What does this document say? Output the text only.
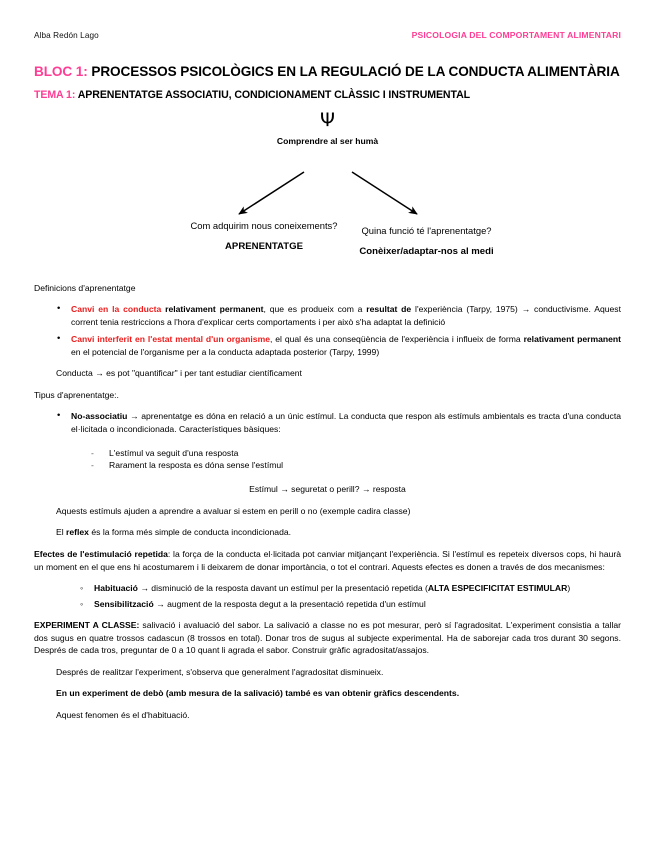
Alba Redón Lago	PSICOLOGIA DEL COMPORTAMENT ALIMENTARI
BLOC 1: PROCESSOS PSICOLÒGICS EN LA REGULACIÓ DE LA CONDUCTA ALIMENTÀRIA
TEMA 1: APRENENTATGE ASSOCIATIU, CONDICIONAMENT CLÀSSIC I INSTRUMENTAL
Ψ
Comprendre al ser humà
Com adquirim nous coneixements?
APRENENTATGE
Quina funció té l'aprenentatge?
Conèixer/adaptar-nos al medi

Definicions d'aprenentatge

• Canvi en la conducta relativament permanent, que es produeix com a resultat de l'experiència (Tarpy, 1975) → conductivisme. Aquest corrent tenia restriccions a l'hora d'explicar certs comportaments i per això s'ha adaptat la definició
• Canvi interferit en l'estat mental d'un organisme, el qual és una conseqüència de l'experiència i influeix de forma relativament permanent en el potencial de l'organisme per a la conducta adaptada posterior (Tarpy, 1999)

Conducta → es pot "quantificar" i per tant estudiar científicament

Tipus d'aprenentatge:.

• No-associatiu → aprenentatge es dóna en relació a un únic estímul. La conducta que respon als estímuls ambientals es tracta d'una conducta el·licitada o incondicionada. Característiques bàsiques:
- L'estímul va seguit d'una resposta
- Rarament la resposta es dóna sense l'estímul

Estímul → seguretat o perill? → resposta

Aquests estímuls ajuden a aprendre a avaluar si estem en perill o no (exemple cadira classe)

El reflex és la forma més simple de conducta incondicionada.

Efectes de l'estimulació repetida: la força de la conducta el·licitada pot canviar mitjançant l'experiència. Si l'estímul es repeteix diversos cops, hi haurà un moment en el que ens hi acostumarem i li deixarem de donar importància, o tot el contrari. Aquests efectes es donen a través de dos mecanismes:

◦ Habituació → disminució de la resposta davant un estímul per la presentació repetida (ALTA ESPECIFICITAT ESTIMULAR)
◦ Sensibilització → augment de la resposta degut a la presentació repetida d'un estímul

EXPERIMENT A CLASSE: salivació i avaluació del sabor. La salivació a classe no es pot mesurar, però sí l'agradositat. L'experiment consistia a tallar dos sugus en quatre trossos cadascun (8 trossos en total). Donar tros de sugus al subjecte experimental. Ha de saborejar cada tros durant 30 segons. Després de cada tros, preguntar de 0 a 10 quant li agrada el sabor. Construir gràfic agradositat/assajos.

Després de realitzar l'experiment, s'observa que generalment l'agradositat disminueix.

En un experiment de debò (amb mesura de la salivació) també es van obtenir gràfics descendents.

Aquest fenomen és el d'habituació.
